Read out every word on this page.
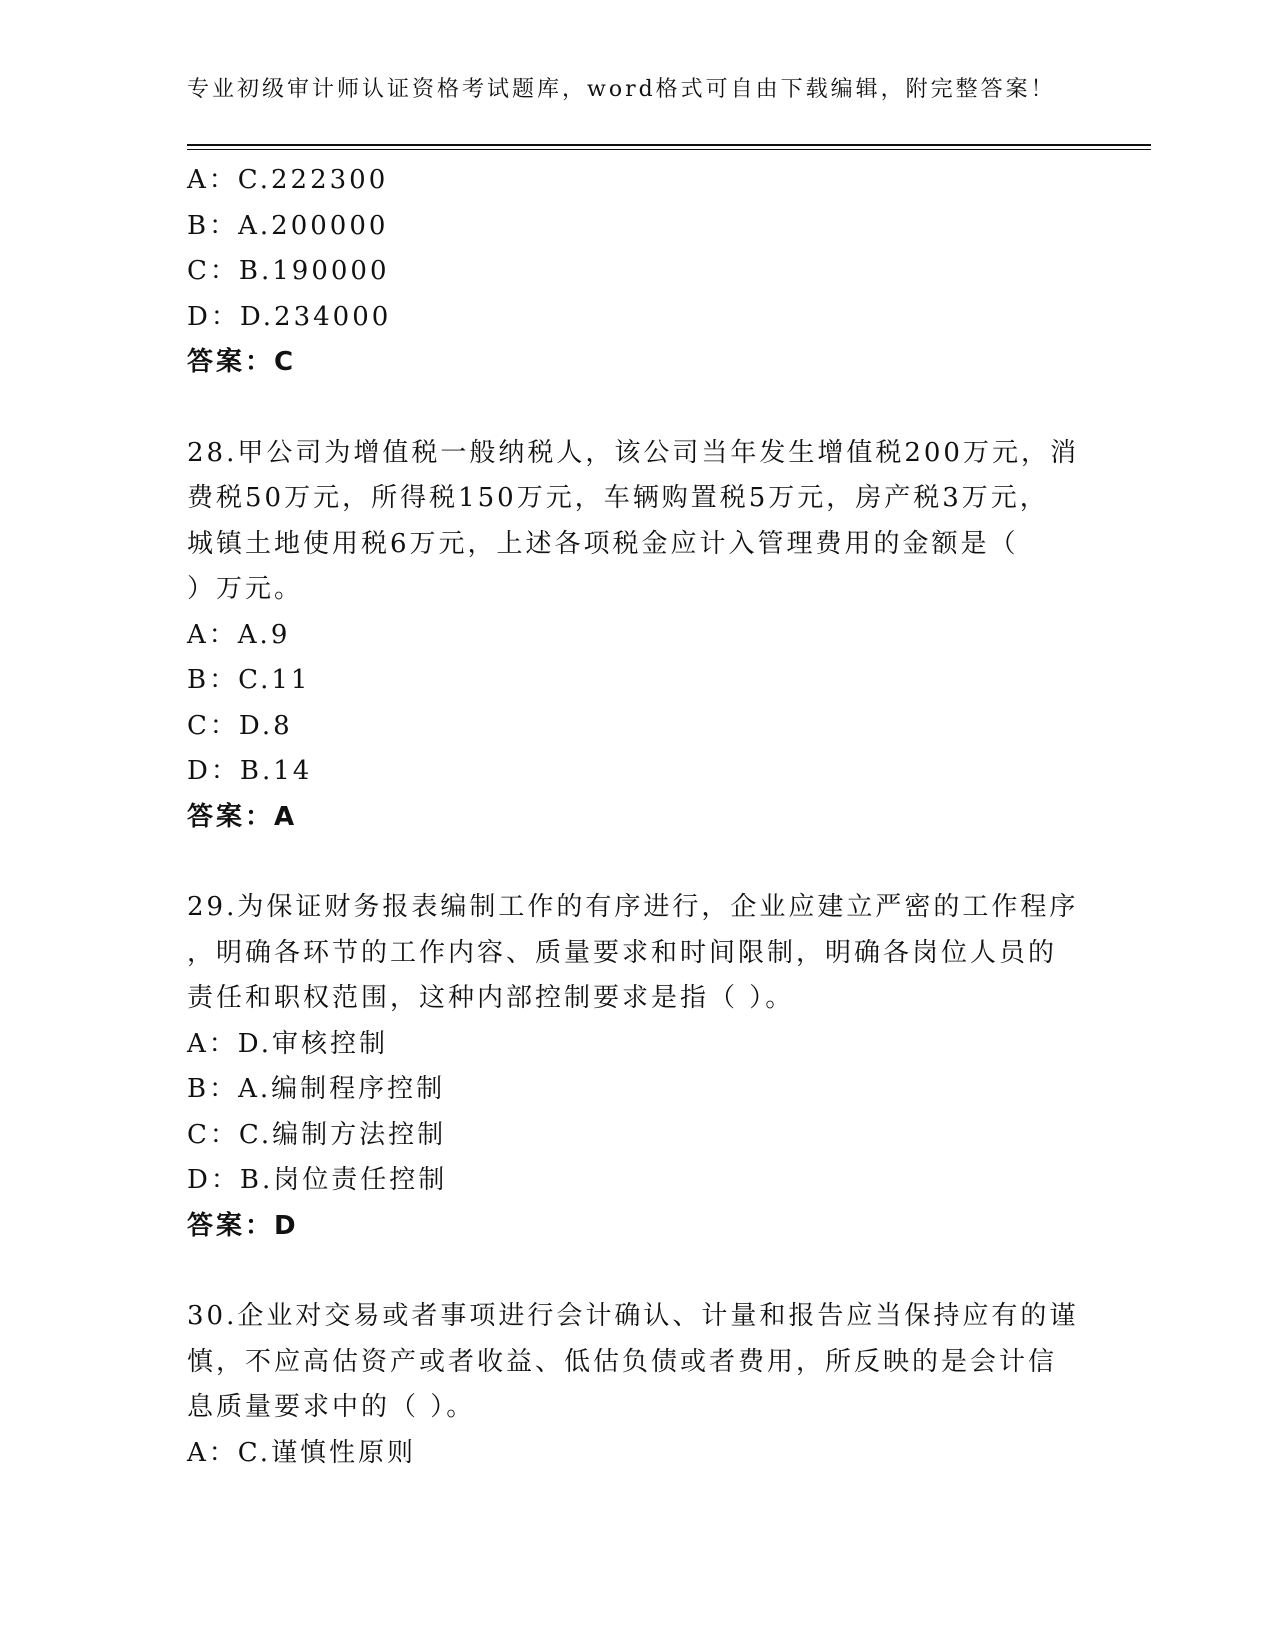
专业初级审计师认证资格考试题库，word格式可自由下载编辑，附完整答案！
A：C.222300
B：A.200000
C：B.190000
D：D.234000
答案：C
28.甲公司为增值税一般纳税人，该公司当年发生增值税200万元，消
费税50万元，所得税150万元，车辆购置税5万元，房产税3万元，
城镇土地使用税6万元，上述各项税金应计入管理费用的金额是（
）万元。
A：A.9
B：C.11
C：D.8
D：B.14
答案：A
29.为保证财务报表编制工作的有序进行，企业应建立严密的工作程序
，明确各环节的工作内容、质量要求和时间限制，明确各岗位人员的
责任和职权范围，这种内部控制要求是指（ ）。
A：D.审核控制
B：A.编制程序控制
C：C.编制方法控制
D：B.岗位责任控制
答案：D
30.企业对交易或者事项进行会计确认、计量和报告应当保持应有的谨
慎，不应高估资产或者收益、低估负债或者费用，所反映的是会计信
息质量要求中的（ ）。
A：C.谨慎性原则
